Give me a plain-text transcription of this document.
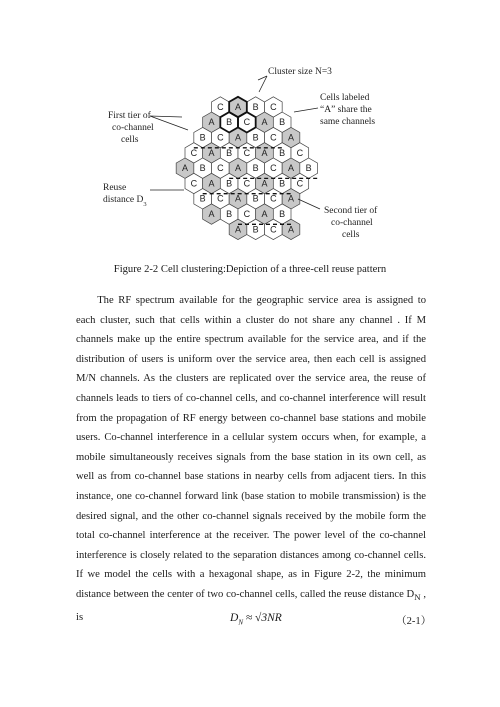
C A B C
A B C A B
B C A B C A
C A B C A B C
A B C A B C A B
C A B C A B C
B C A B C A
A B C A B
A B C A
Cluster size N=3
Cells labeled
“A” share the
same channels
First tier of
co-channel
cells
Reuse
distance $D_3$
Second tier of
co-channel
cells
Figure 2-2 Cell clustering:Depiction of a three-cell reuse pattern

The RF spectrum available for the geographic service area is assigned to each cluster, such that cells within a cluster do not share any channel . If M channels make up the entire spectrum available for the service area, and if the distribution of users is uniform over the service area, then each cell is assigned M/N channels. As the clusters are replicated over the service area, the reuse of channels leads to tiers of co-channel cells, and co-channel interference will result from the propagation of RF energy between co-channel base stations and mobile users. Co-channel interference in a cellular system occurs when, for example, a mobile simultaneously receives signals from the base station in its own cell, as well as from co-channel base stations in nearby cells from adjacent tiers. In this instance, one co-channel forward link (base station to mobile transmission) is the desired signal, and the other co-channel signals received by the mobile form the total co-channel interference at the receiver. The power level of the co-channel interference is closely related to the separation distances among co-channel cells. If we model the cells with a hexagonal shape, as in Figure 2-2, the minimum distance between the center of two co-channel cells, called the reuse distance $D_N$ , is	$D_N \approx √3NR$	（2-1）
